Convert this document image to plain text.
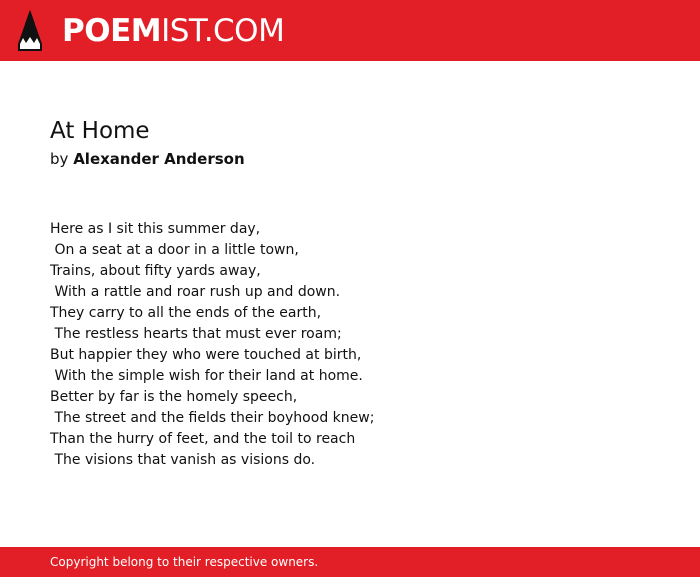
POEMIST.COM
At Home
by Alexander Anderson
Here as I sit this summer day,
On a seat at a door in a little town,
Trains, about fifty yards away,
With a rattle and roar rush up and down.
They carry to all the ends of the earth,
The restless hearts that must ever roam;
But happier they who were touched at birth,
With the simple wish for their land at home.
Better by far is the homely speech,
The street and the fields their boyhood knew;
Than the hurry of feet, and the toil to reach
The visions that vanish as visions do.
Copyright belong to their respective owners.
